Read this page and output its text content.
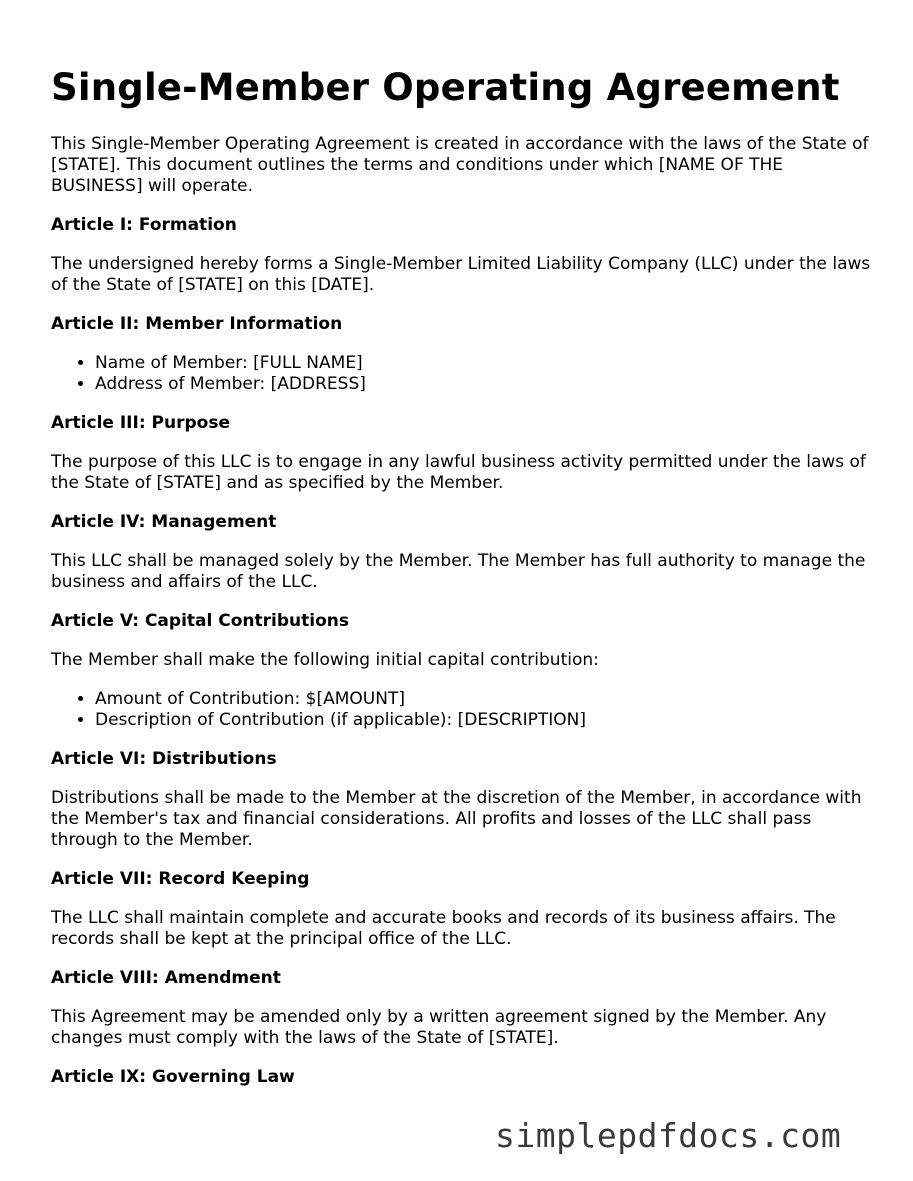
Single-Member Operating Agreement

This Single-Member Operating Agreement is created in accordance with the laws of the State of [STATE]. This document outlines the terms and conditions under which [NAME OF THE BUSINESS] will operate.

Article I: Formation

The undersigned hereby forms a Single-Member Limited Liability Company (LLC) under the laws of the State of [STATE] on this [DATE].

Article II: Member Information

• Name of Member: [FULL NAME]
• Address of Member: [ADDRESS]

Article III: Purpose

The purpose of this LLC is to engage in any lawful business activity permitted under the laws of the State of [STATE] and as specified by the Member.

Article IV: Management

This LLC shall be managed solely by the Member. The Member has full authority to manage the business and affairs of the LLC.

Article V: Capital Contributions

The Member shall make the following initial capital contribution:

• Amount of Contribution: $[AMOUNT]
• Description of Contribution (if applicable): [DESCRIPTION]

Article VI: Distributions

Distributions shall be made to the Member at the discretion of the Member, in accordance with the Member's tax and financial considerations. All profits and losses of the LLC shall pass through to the Member.

Article VII: Record Keeping

The LLC shall maintain complete and accurate books and records of its business affairs. The records shall be kept at the principal office of the LLC.

Article VIII: Amendment

This Agreement may be amended only by a written agreement signed by the Member. Any changes must comply with the laws of the State of [STATE].

Article IX: Governing Law

simplepdfdocs.com
